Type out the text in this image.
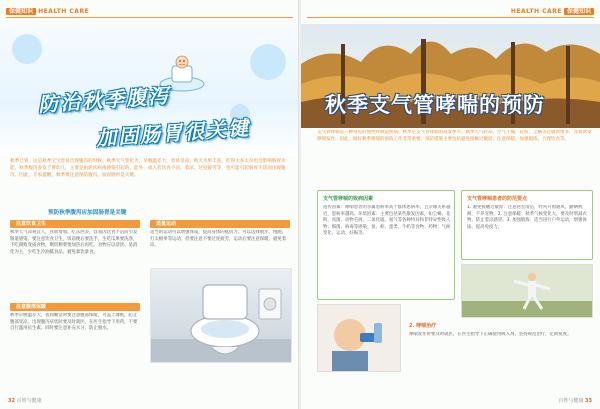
保健知识 HEALTH CARE
防治秋季腹泻
加固肠胃很关键
秋季已到，这是秋季宝宝容易出现腹泻的时候。秋季天气变化大，早晚温差大，容易受凉；秋天水果丰富，吃得太多太杂也会影响肠胃功能。秋季腹泻多发于婴幼儿，主要是由轮状病毒感染引起的。此外，成人若饮食不洁、着凉、过度疲劳等，也可能引起肠胃不适而出现腹泻。因此，专家提醒，秋季要注意预防腹泻，加固肠胃是关键。
预防秋季腹泻应加固肠胃是关键
注意饮食卫生	适量运动
秋季天气凉爽宜人，食欲增加，吃东西多，容易因饮食不洁而引发肠道感染。要注意饮食卫生，饭前便后要洗手，生吃瓜果要洗净，不吃腐败变质食物，剩饭剩菜要加热后再吃。食物应以清淡、易消化为主，少吃生冷油腻食品，避免暴饮暴食。
适当的运动可以增强体质，提高身体的抵抗力。可以选择散步、慢跑、打太极拳等运动，但要注意不要过度疲劳，运动后要注意保暖，避免着凉。
注意腹部保暖
秋季早晚温差大，夜间睡觉时要注意腹部保暖，可盖上薄被，防止腹部受凉。出现腹泻症状时要及时就医，在医生指导下用药，不要自行滥用抗生素。同时要注意补充水分，防止脱水。
32 百姓与健康
HEALTH CARE 保健知识
秋季支气管哮喘的预防
支气管哮喘是一种常见的慢性呼吸道疾病，秋季是支气管哮喘的高发季节。秋季天气转凉，空气干燥，花粉、尘螨等过敏原增多，容易诱发哮喘发作。因此，做好秋季哮喘的预防工作非常重要。预防措施主要包括避免接触过敏原、注意保暖、加强锻炼、合理饮食等。
支气管哮喘的致病因素
遗传因素：哮喘患者的亲属患病率高于群体患病率，且亲缘关系越近，患病率越高。环境因素：主要包括某些激发因素，如尘螨、花粉、真菌、动物毛屑、二氧化硫、氨气等各种特异和非特异性吸入物；细菌、病毒等感染；鱼、虾、蛋类、牛奶等食物；药物；气候变化、运动、妊娠等。
支气管哮喘患者的防范要点
1. 避免接触过敏原：注意居室清洁，经常开窗通风，勤晒被褥，不养宠物。2. 注意保暖：秋季气候变化大，要及时增减衣物，防止着凉感冒。3. 加强锻炼：适当进行户外运动，增强体质，提高免疫力。
2. 哮喘治疗
哮喘发作时要及时就医，在医生指导下正确使用吸入剂，坚持规范治疗，定期复查。
百姓与健康 33
